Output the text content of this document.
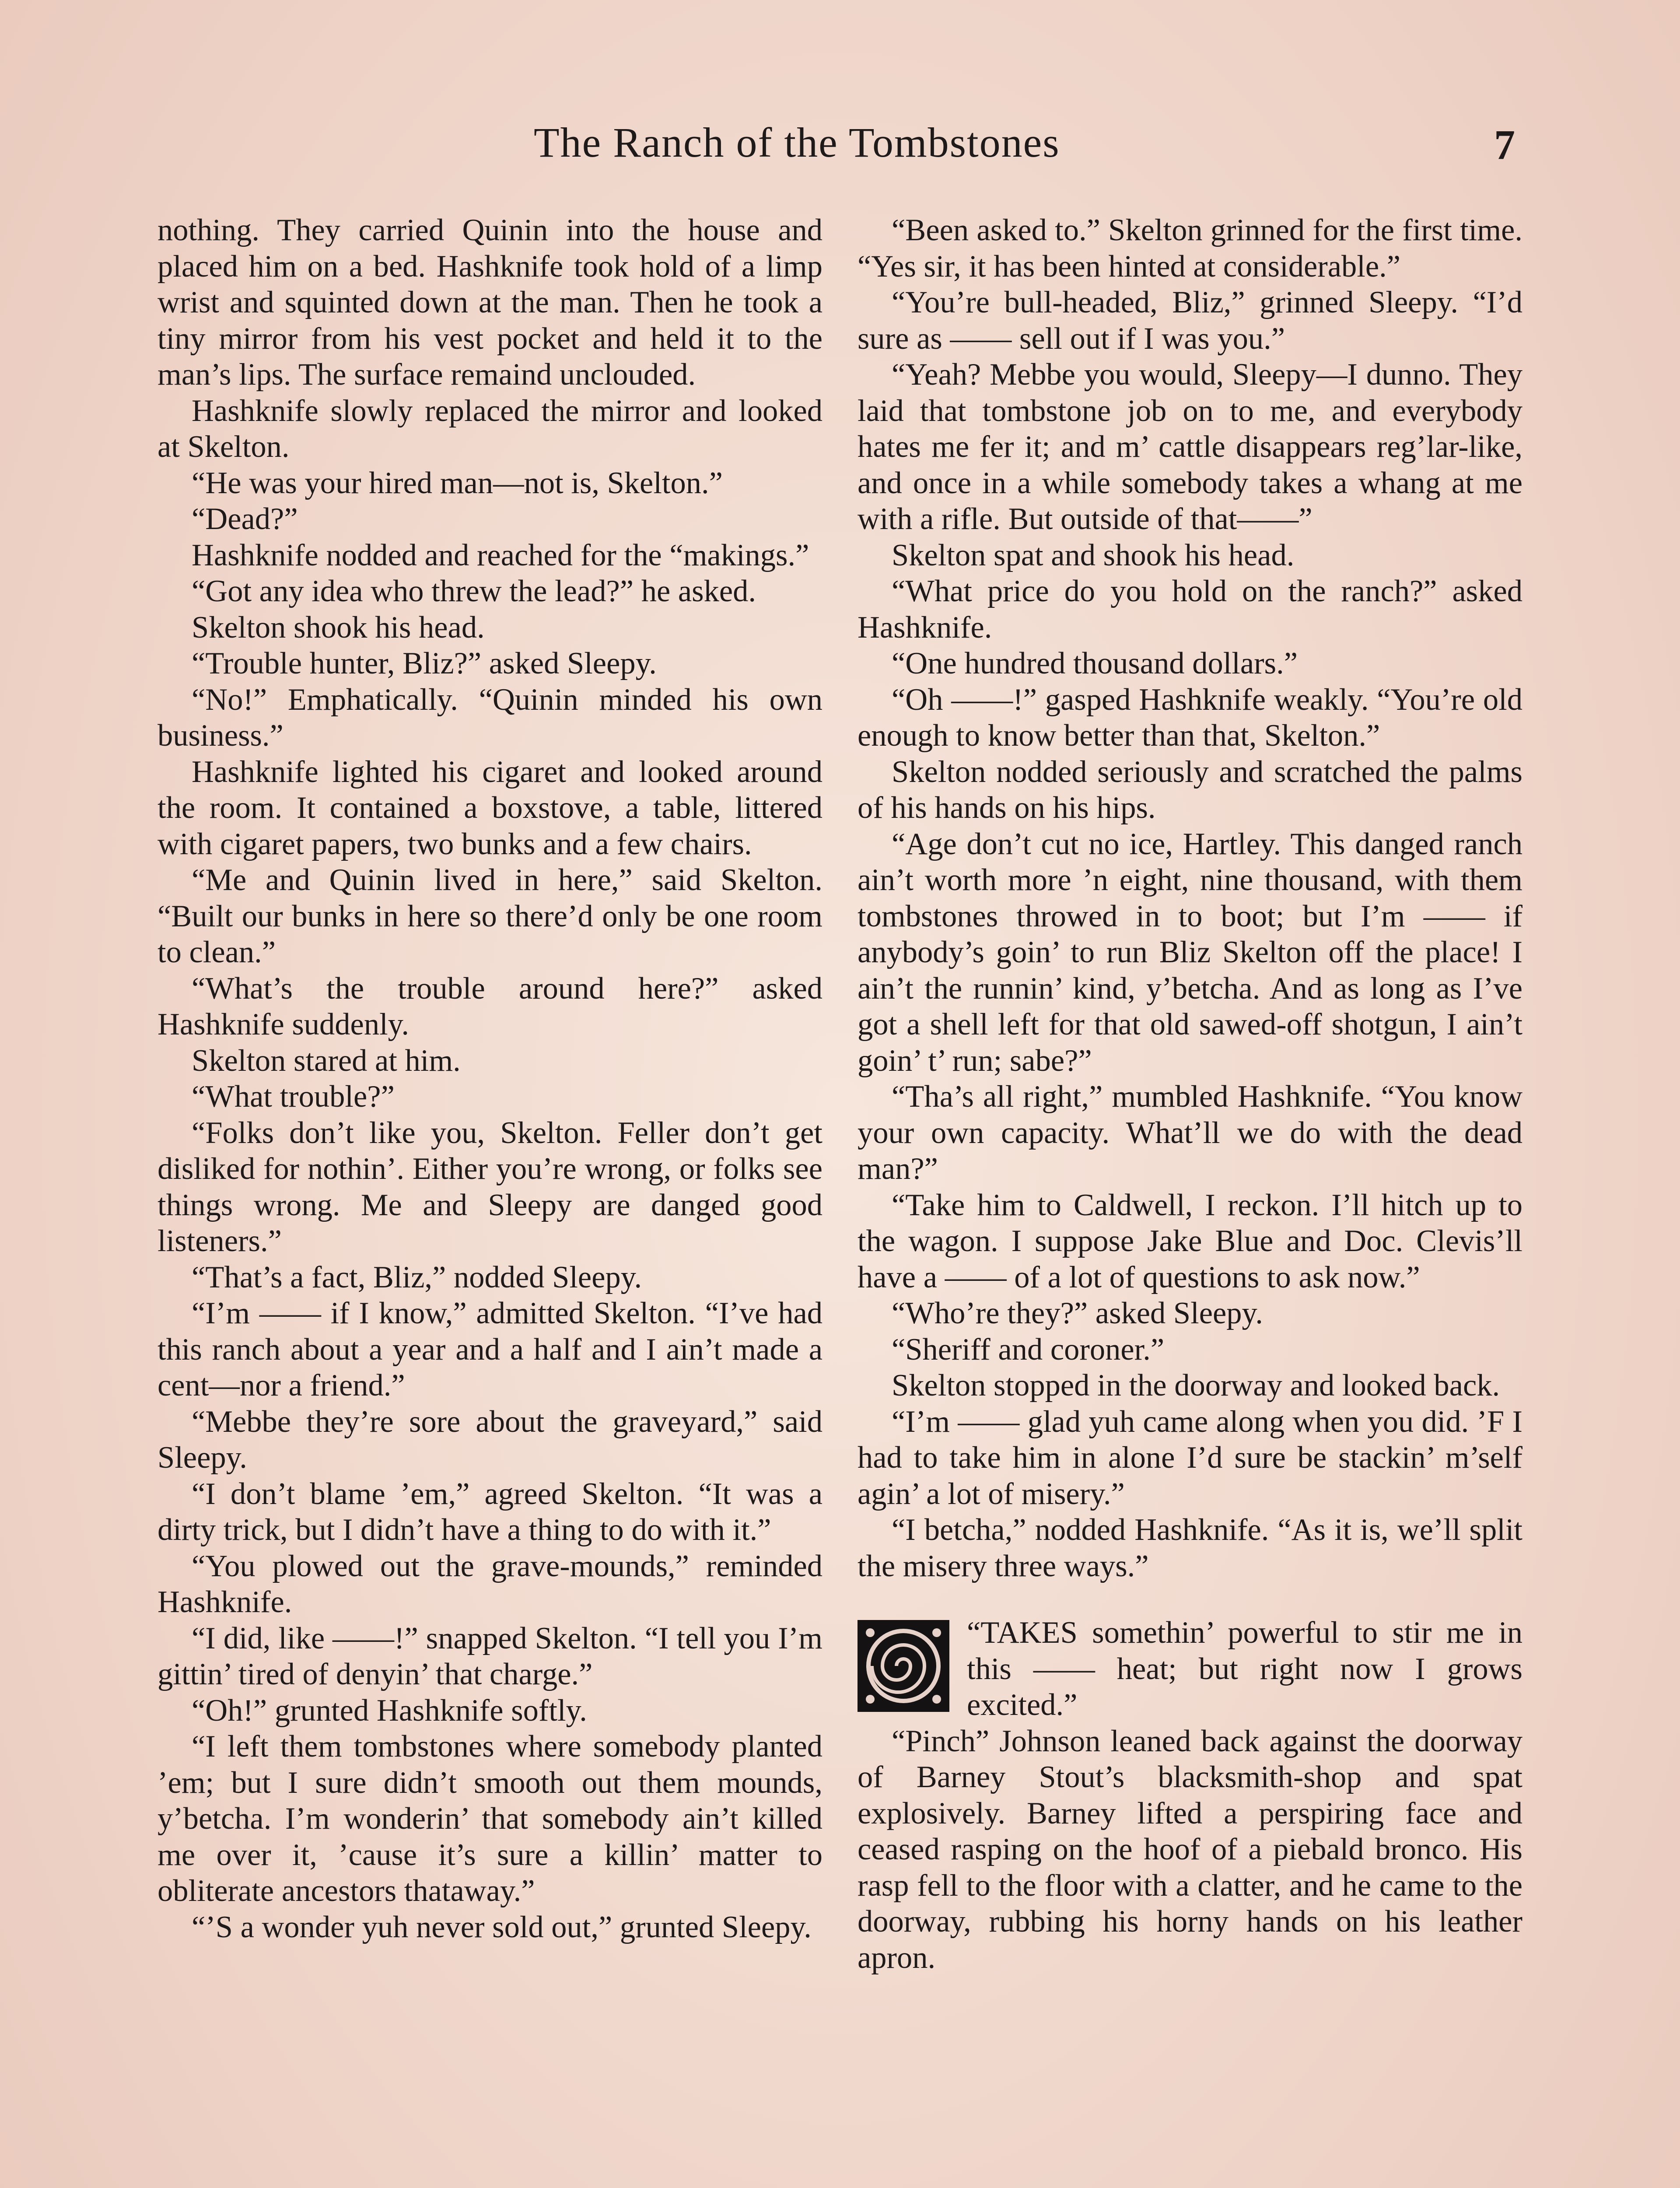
The Ranch of the Tombstones	7

nothing. They carried Quinin into the house and placed him on a bed. Hashknife took hold of a limp wrist and squinted down at the man. Then he took a tiny mirror from his vest pocket and held it to the man’s lips. The surface remaind unclouded.

Hashknife slowly replaced the mirror and looked at Skelton.

“He was your hired man—not is, Skelton.”

“Dead?”

Hashknife nodded and reached for the “makings.”

“Got any idea who threw the lead?” he asked.

Skelton shook his head.

“Trouble hunter, Bliz?” asked Sleepy.

“No!” Emphatically. “Quinin minded his own business.”

Hashknife lighted his cigaret and looked around the room. It contained a boxstove, a table, littered with cigaret papers, two bunks and a few chairs.

“Me and Quinin lived in here,” said Skelton. “Built our bunks in here so there’d only be one room to clean.”

“What’s the trouble around here?” asked Hashknife suddenly.

Skelton stared at him.

“What trouble?”

“Folks don’t like you, Skelton. Feller don’t get disliked for nothin’. Either you’re wrong, or folks see things wrong. Me and Sleepy are danged good listeners.”

“That’s a fact, Bliz,” nodded Sleepy.

“I’m —— if I know,” admitted Skelton. “I’ve had this ranch about a year and a half and I ain’t made a cent—nor a friend.”

“Mebbe they’re sore about the graveyard,” said Sleepy.

“I don’t blame ’em,” agreed Skelton. “It was a dirty trick, but I didn’t have a thing to do with it.”

“You plowed out the grave-mounds,” reminded Hashknife.

“I did, like ——!” snapped Skelton. “I tell you I’m gittin’ tired of denyin’ that charge.”

“Oh!” grunted Hashknife softly.

“I left them tombstones where somebody planted ’em; but I sure didn’t smooth out them mounds, y’betcha. I’m wonderin’ that somebody ain’t killed me over it, ’cause it’s sure a killin’ matter to obliterate ancestors thataway.”

“’S a wonder yuh never sold out,” grunted Sleepy.

“Been asked to.” Skelton grinned for the first time. “Yes sir, it has been hinted at considerable.”

“You’re bull-headed, Bliz,” grinned Sleepy. “I’d sure as —— sell out if I was you.”

“Yeah? Mebbe you would, Sleepy—I dunno. They laid that tombstone job on to me, and everybody hates me fer it; and m’ cattle disappears reg’lar-like, and once in a while somebody takes a whang at me with a rifle. But outside of that——”

Skelton spat and shook his head.

“What price do you hold on the ranch?” asked Hashknife.

“One hundred thousand dollars.”

“Oh ——!” gasped Hashknife weakly. “You’re old enough to know better than that, Skelton.”

Skelton nodded seriously and scratched the palms of his hands on his hips.

“Age don’t cut no ice, Hartley. This danged ranch ain’t worth more ’n eight, nine thousand, with them tombstones throwed in to boot; but I’m —— if anybody’s goin’ to run Bliz Skelton off the place! I ain’t the runnin’ kind, y’betcha. And as long as I’ve got a shell left for that old sawed-off shotgun, I ain’t goin’ t’ run; sabe?”

“Tha’s all right,” mumbled Hashknife. “You know your own capacity. What’ll we do with the dead man?”

“Take him to Caldwell, I reckon. I’ll hitch up to the wagon. I suppose Jake Blue and Doc. Clevis’ll have a —— of a lot of questions to ask now.”

“Who’re they?” asked Sleepy.

“Sheriff and coroner.”

Skelton stopped in the doorway and looked back.

“I’m —— glad yuh came along when you did. ’F I had to take him in alone I’d sure be stackin’ m’self agin’ a lot of misery.”

“I betcha,” nodded Hashknife. “As it is, we’ll split the misery three ways.”

“TAKES somethin’ powerful to stir me in this —— heat; but right now I grows excited.”

“Pinch” Johnson leaned back against the doorway of Barney Stout’s blacksmith-shop and spat explosively. Barney lifted a perspiring face and ceased rasping on the hoof of a piebald bronco. His rasp fell to the floor with a clatter, and he came to the doorway, rubbing his horny hands on his leather apron.
